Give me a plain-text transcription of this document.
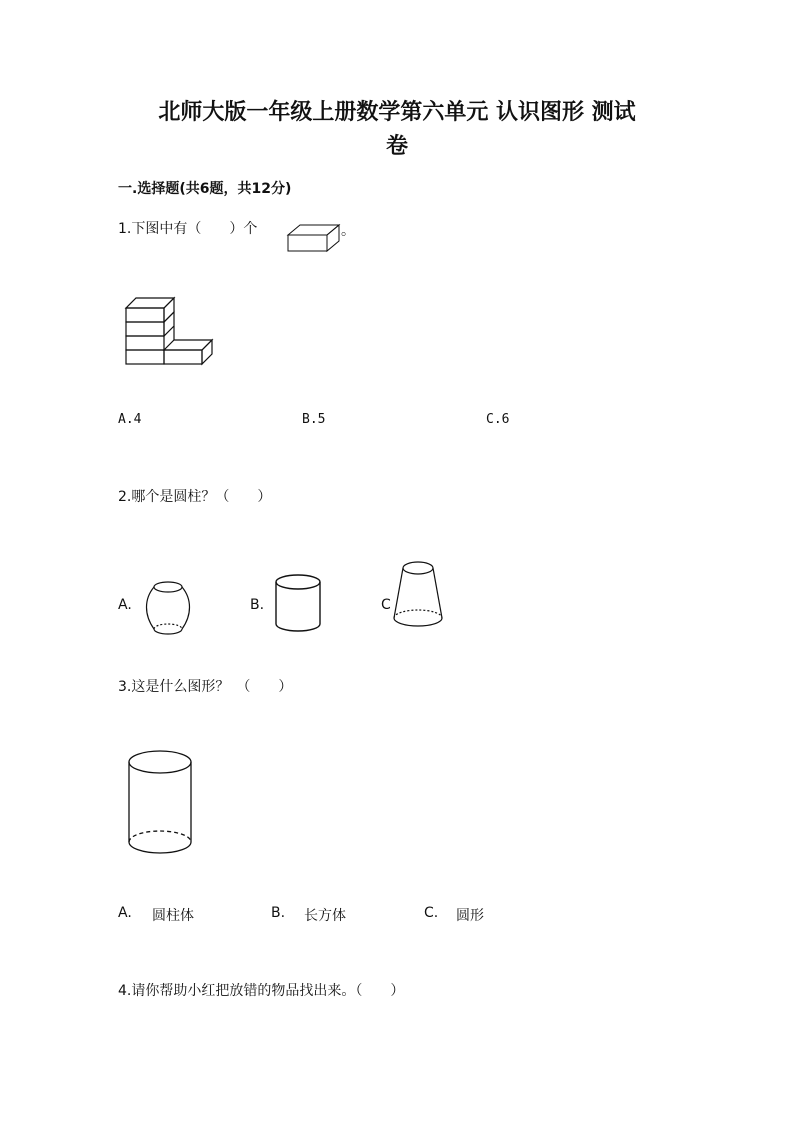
北师大版一年级上册数学第六单元 认识图形 测试
卷
一.选择题(共6题，共12分)
1.下图中有（　　）个	。
A.4	B.5	C.6
2.哪个是圆柱？（　　）
A.	B.	C
3.这是什么图形？　（　　）
A. 圆柱体	B. 长方体	C. 圆形
4.请你帮助小红把放错的物品找出来。（　　）
